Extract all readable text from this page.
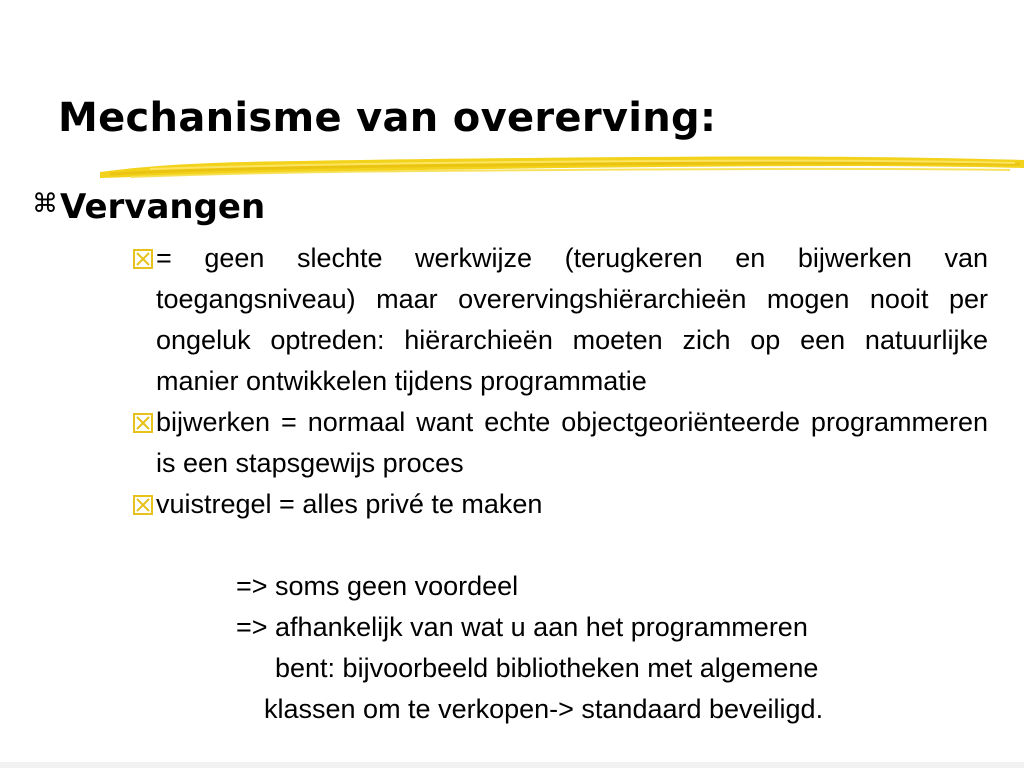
Mechanisme van overerving:
⌘ Vervangen
= geen slechte werkwijze (terugkeren en bijwerken van toegangsniveau) maar overervingshiërarchieën mogen nooit per ongeluk optreden: hiërarchieën moeten zich op een natuurlijke manier ontwikkelen tijdens programmatie
bijwerken = normaal want echte objectgeoriënteerde programmeren is een stapsgewijs proces
vuistregel = alles privé te maken
=> soms geen voordeel
=> afhankelijk van wat u aan het programmeren
bent: bijvoorbeeld bibliotheken met algemene
klassen om te verkopen-> standaard beveiligd.
